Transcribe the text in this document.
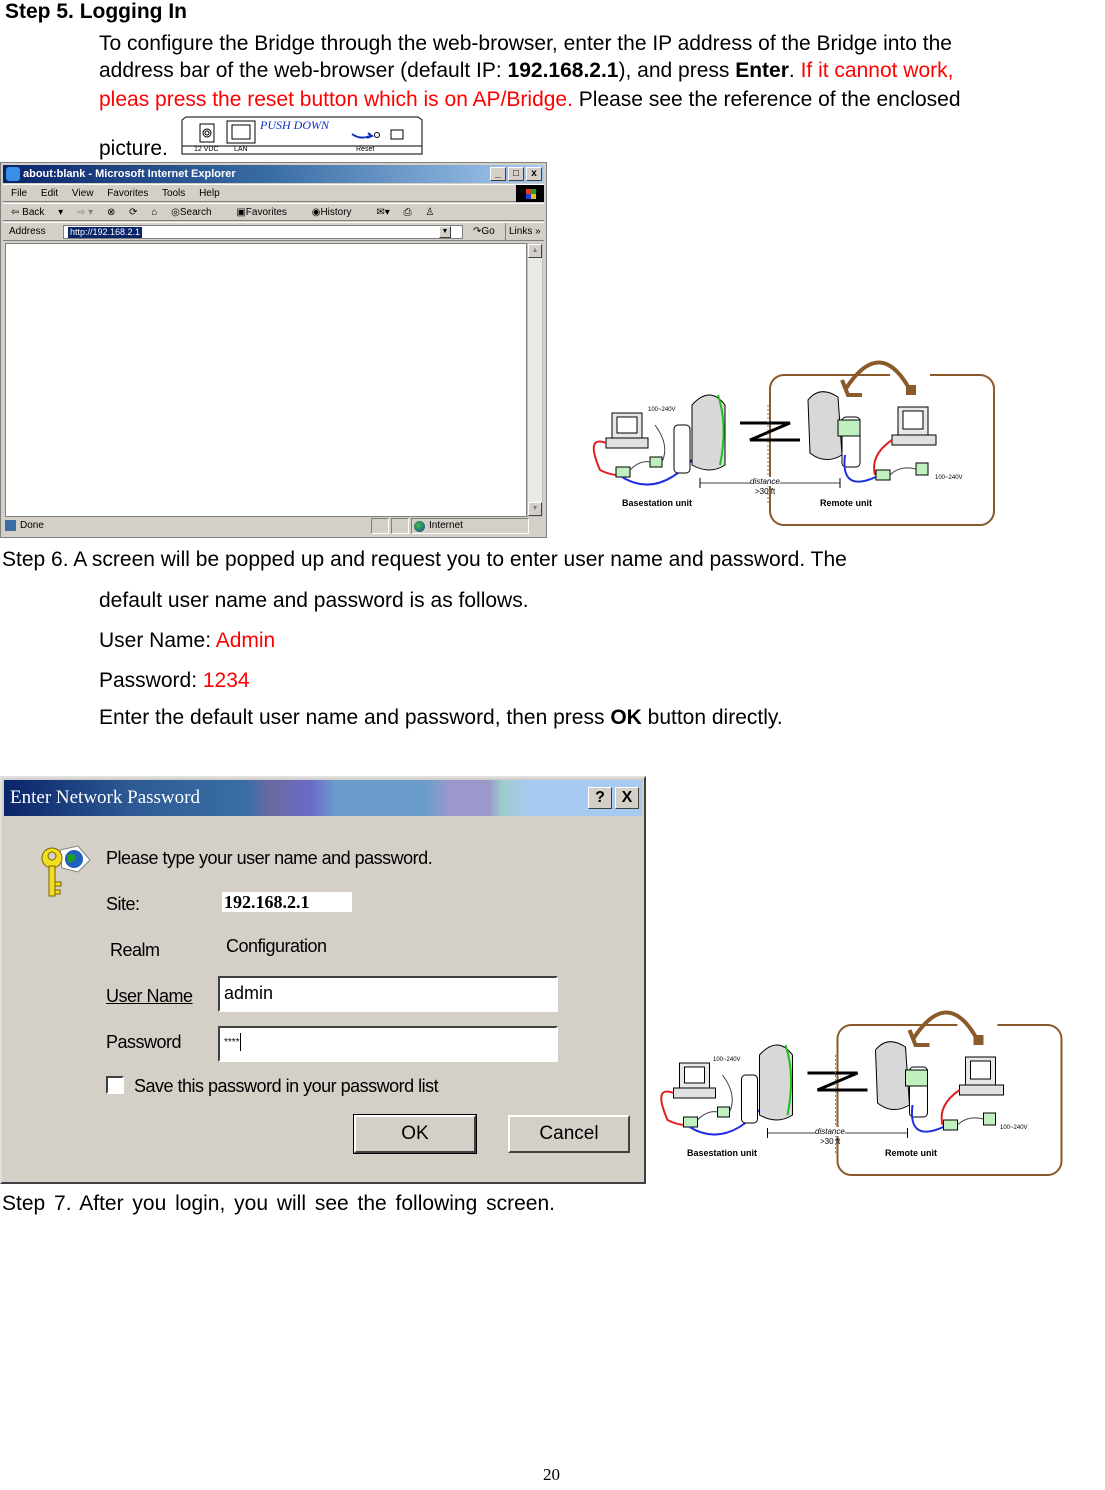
Step 5. Logging In
To configure the Bridge through the web-browser, enter the IP address of the Bridge into the
address bar of the web-browser (default IP: 192.168.2.1), and press Enter. If it cannot work,
pleas press the reset button which is on AP/Bridge. Please see the reference of the enclosed
picture.
PUSH DOWN
12 VDC LAN	Reset
about:blank - Microsoft Internet Explorer	_	□	x
File Edit View Favorites Tools Help
⇦ Back ▾ ⇨ ▾ ⊗ ⟳ ⌂ ◎Search ▣Favorites ◉History ✉▾ ⎙ ♙
Address	http://192.168.2.1	▼ ↷Go	Links »
▲
▼
Done	Internet
Basestation unit	Remote unit
distance
>30 ft
100~240V
100~240V
Step 6. A screen will be popped up and request you to enter user name and password. The
default user name and password is as follows.
User Name: Admin
Password: 1234
Enter the default user name and password, then press OK button directly.
Enter Network Password	?	X
Please type your user name and password.
Site:	192.168.2.1
Realm	Configuration
User Name	admin
Password	****
Save this password in your password list
OK	Cancel
Basestation unit	Remote unit
distance
>30 ft
100~240V
100~240V
Step 7. After you login, you will see the following screen.
20
